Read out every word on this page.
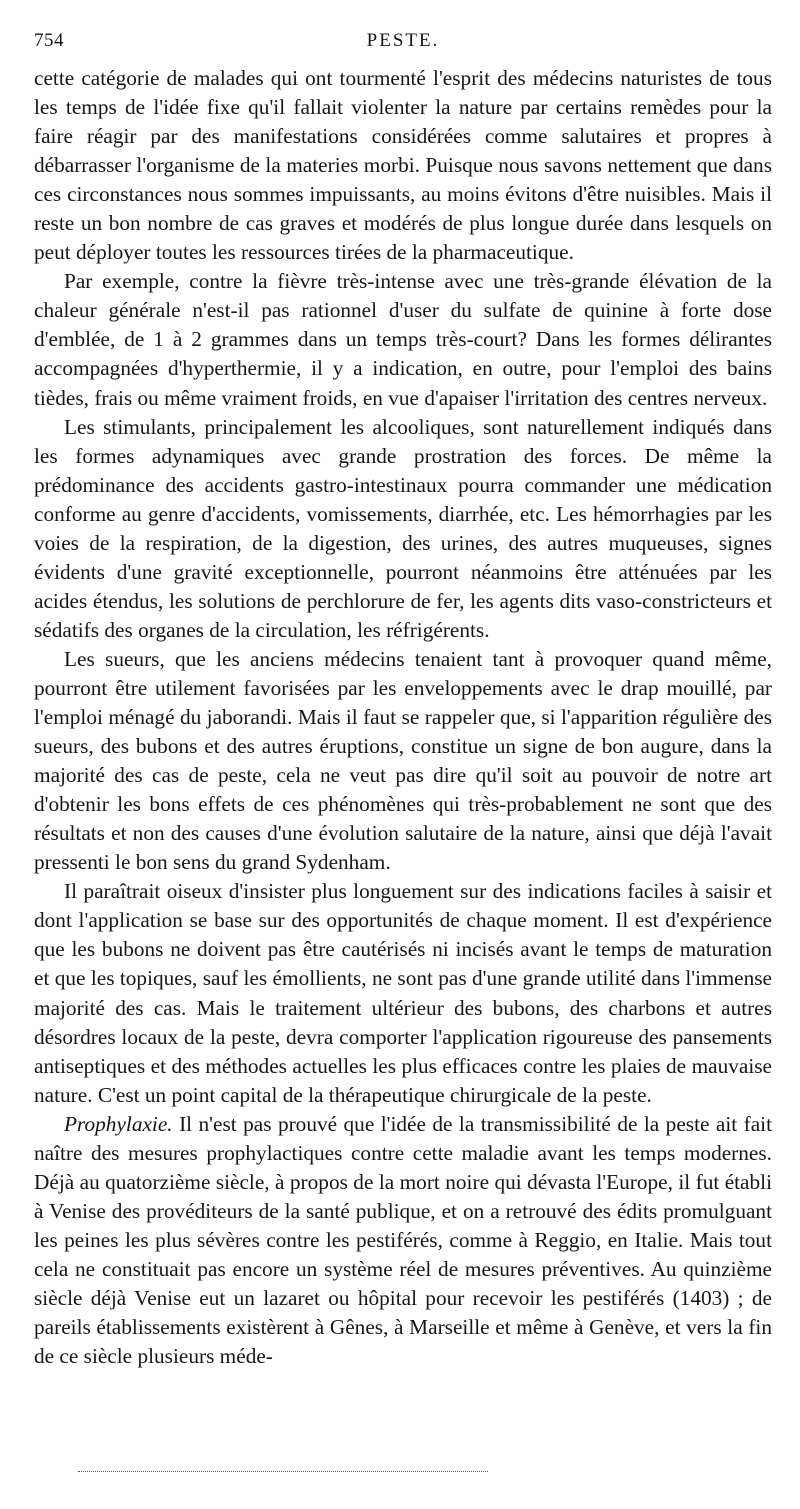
754	PESTE.

cette catégorie de malades qui ont tourmenté l'esprit des médecins naturistes de tous les temps de l'idée fixe qu'il fallait violenter la nature par certains remèdes pour la faire réagir par des manifestations considérées comme salutaires et propres à débarrasser l'organisme de la materies morbi. Puisque nous savons nettement que dans ces circonstances nous sommes impuissants, au moins évitons d'être nuisibles. Mais il reste un bon nombre de cas graves et modérés de plus longue durée dans lesquels on peut déployer toutes les ressources tirées de la pharmaceutique.

Par exemple, contre la fièvre très-intense avec une très-grande élévation de la chaleur générale n'est-il pas rationnel d'user du sulfate de quinine à forte dose d'emblée, de 1 à 2 grammes dans un temps très-court? Dans les formes délirantes accompagnées d'hyperthermie, il y a indication, en outre, pour l'emploi des bains tièdes, frais ou même vraiment froids, en vue d'apaiser l'irritation des centres nerveux.

Les stimulants, principalement les alcooliques, sont naturellement indiqués dans les formes adynamiques avec grande prostration des forces. De même la prédominance des accidents gastro-intestinaux pourra commander une médication conforme au genre d'accidents, vomissements, diarrhée, etc. Les hémorrhagies par les voies de la respiration, de la digestion, des urines, des autres muqueuses, signes évidents d'une gravité exceptionnelle, pourront néanmoins être atténuées par les acides étendus, les solutions de perchlorure de fer, les agents dits vaso-constricteurs et sédatifs des organes de la circulation, les réfrigérents.

Les sueurs, que les anciens médecins tenaient tant à provoquer quand même, pourront être utilement favorisées par les enveloppements avec le drap mouillé, par l'emploi ménagé du jaborandi. Mais il faut se rappeler que, si l'apparition régulière des sueurs, des bubons et des autres éruptions, constitue un signe de bon augure, dans la majorité des cas de peste, cela ne veut pas dire qu'il soit au pouvoir de notre art d'obtenir les bons effets de ces phénomènes qui très-probablement ne sont que des résultats et non des causes d'une évolution salutaire de la nature, ainsi que déjà l'avait pressenti le bon sens du grand Sydenham.

Il paraîtrait oiseux d'insister plus longuement sur des indications faciles à saisir et dont l'application se base sur des opportunités de chaque moment. Il est d'expérience que les bubons ne doivent pas être cautérisés ni incisés avant le temps de maturation et que les topiques, sauf les émollients, ne sont pas d'une grande utilité dans l'immense majorité des cas. Mais le traitement ultérieur des bubons, des charbons et autres désordres locaux de la peste, devra comporter l'application rigoureuse des pansements antiseptiques et des méthodes actuelles les plus efficaces contre les plaies de mauvaise nature. C'est un point capital de la thérapeutique chirurgicale de la peste.

Prophylaxie. Il n'est pas prouvé que l'idée de la transmissibilité de la peste ait fait naître des mesures prophylactiques contre cette maladie avant les temps modernes. Déjà au quatorzième siècle, à propos de la mort noire qui dévasta l'Europe, il fut établi à Venise des provéditeurs de la santé publique, et on a retrouvé des édits promulguant les peines les plus sévères contre les pestiférés, comme à Reggio, en Italie. Mais tout cela ne constituait pas encore un système réel de mesures préventives. Au quinzième siècle déjà Venise eut un lazaret ou hôpital pour recevoir les pestiférés (1403) ; de pareils établissements existèrent à Gênes, à Marseille et même à Genève, et vers la fin de ce siècle plusieurs méde-
